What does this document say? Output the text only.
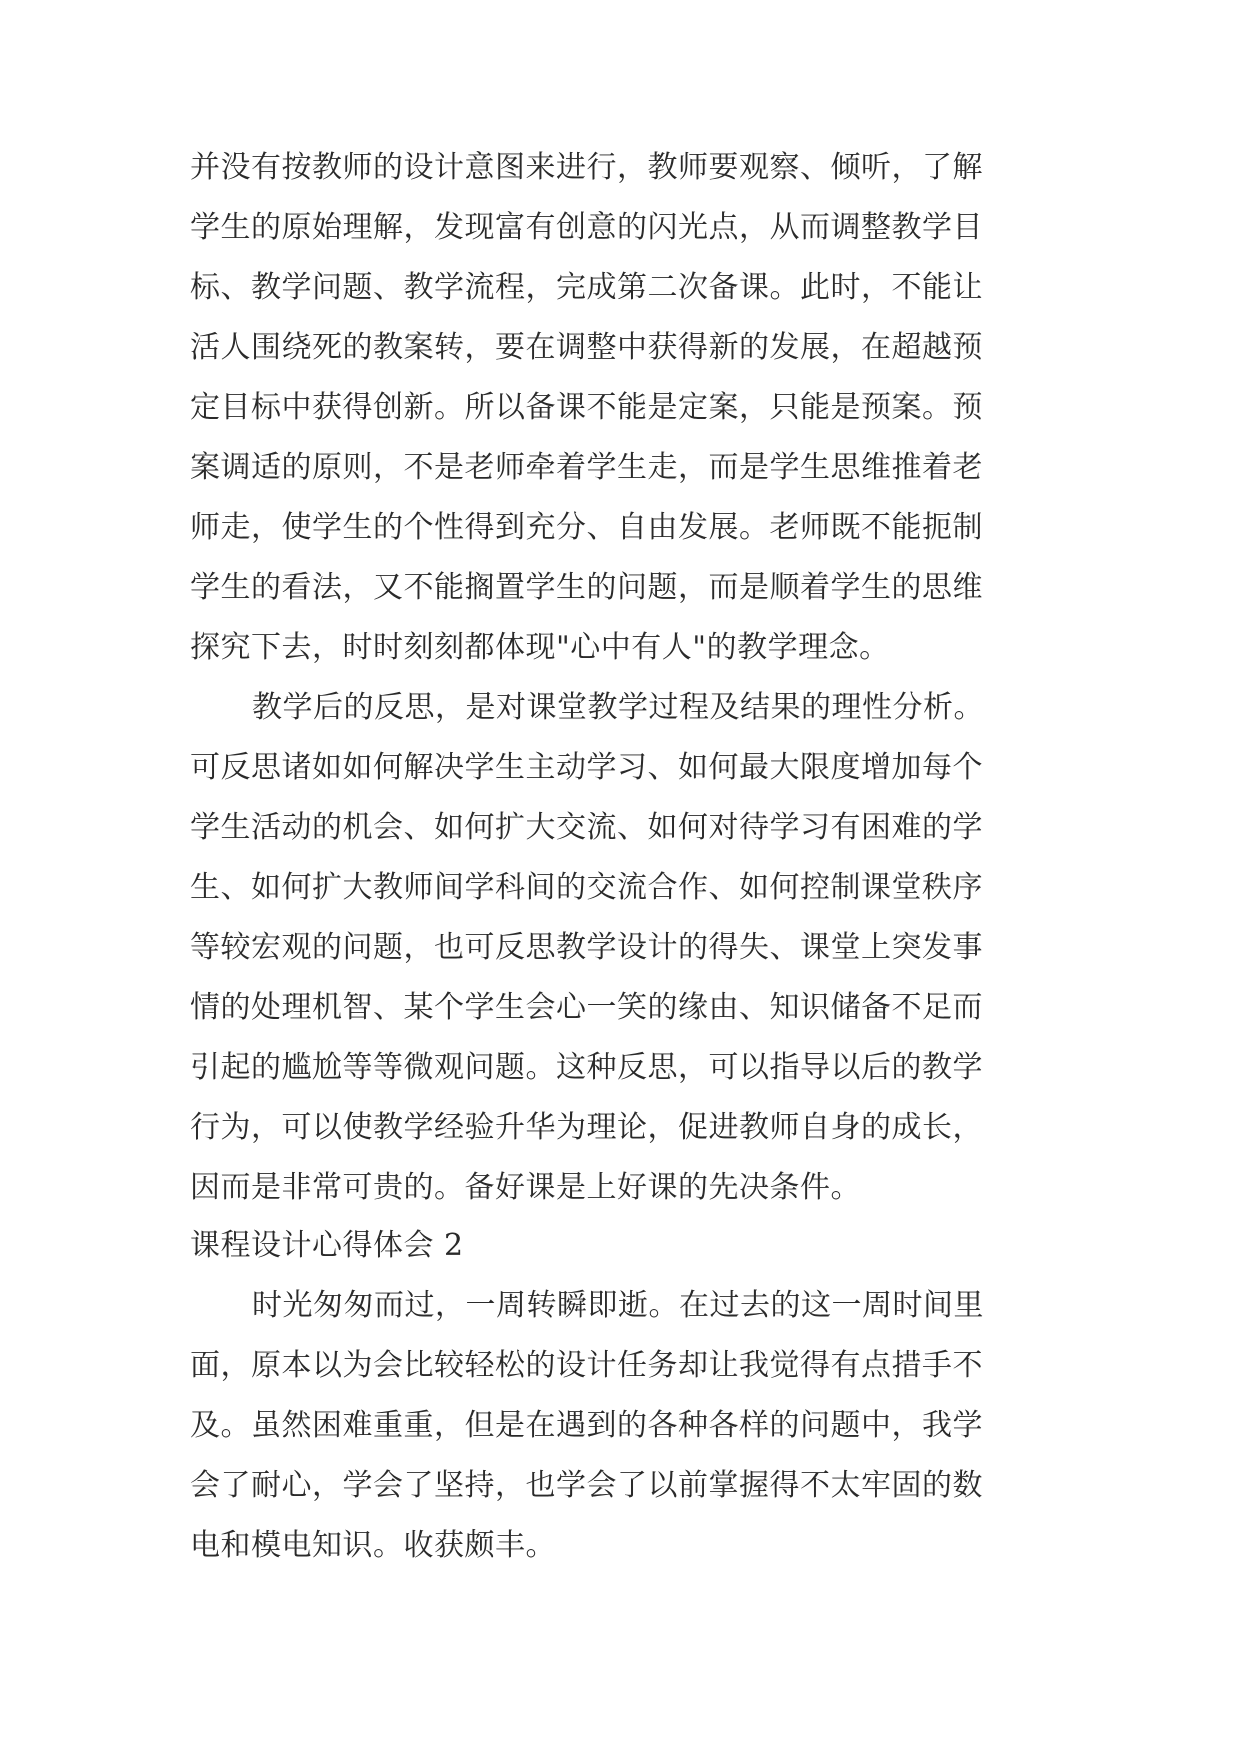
并没有按教师的设计意图来进行，教师要观察、倾听，了解
学生的原始理解，发现富有创意的闪光点，从而调整教学目
标、教学问题、教学流程，完成第二次备课。此时，不能让
活人围绕死的教案转，要在调整中获得新的发展，在超越预
定目标中获得创新。所以备课不能是定案，只能是预案。预
案调适的原则，不是老师牵着学生走，而是学生思维推着老
师走，使学生的个性得到充分、自由发展。老师既不能扼制
学生的看法，又不能搁置学生的问题，而是顺着学生的思维
探究下去，时时刻刻都体现"心中有人"的教学理念。
教学后的反思，是对课堂教学过程及结果的理性分析。
可反思诸如如何解决学生主动学习、如何最大限度增加每个
学生活动的机会、如何扩大交流、如何对待学习有困难的学
生、如何扩大教师间学科间的交流合作、如何控制课堂秩序
等较宏观的问题，也可反思教学设计的得失、课堂上突发事
情的处理机智、某个学生会心一笑的缘由、知识储备不足而
引起的尴尬等等微观问题。这种反思，可以指导以后的教学
行为，可以使教学经验升华为理论，促进教师自身的成长，
因而是非常可贵的。备好课是上好课的先决条件。
课程设计心得体会 2
时光匆匆而过，一周转瞬即逝。在过去的这一周时间里
面，原本以为会比较轻松的设计任务却让我觉得有点措手不
及。虽然困难重重，但是在遇到的各种各样的问题中，我学
会了耐心，学会了坚持，也学会了以前掌握得不太牢固的数
电和模电知识。收获颇丰。
